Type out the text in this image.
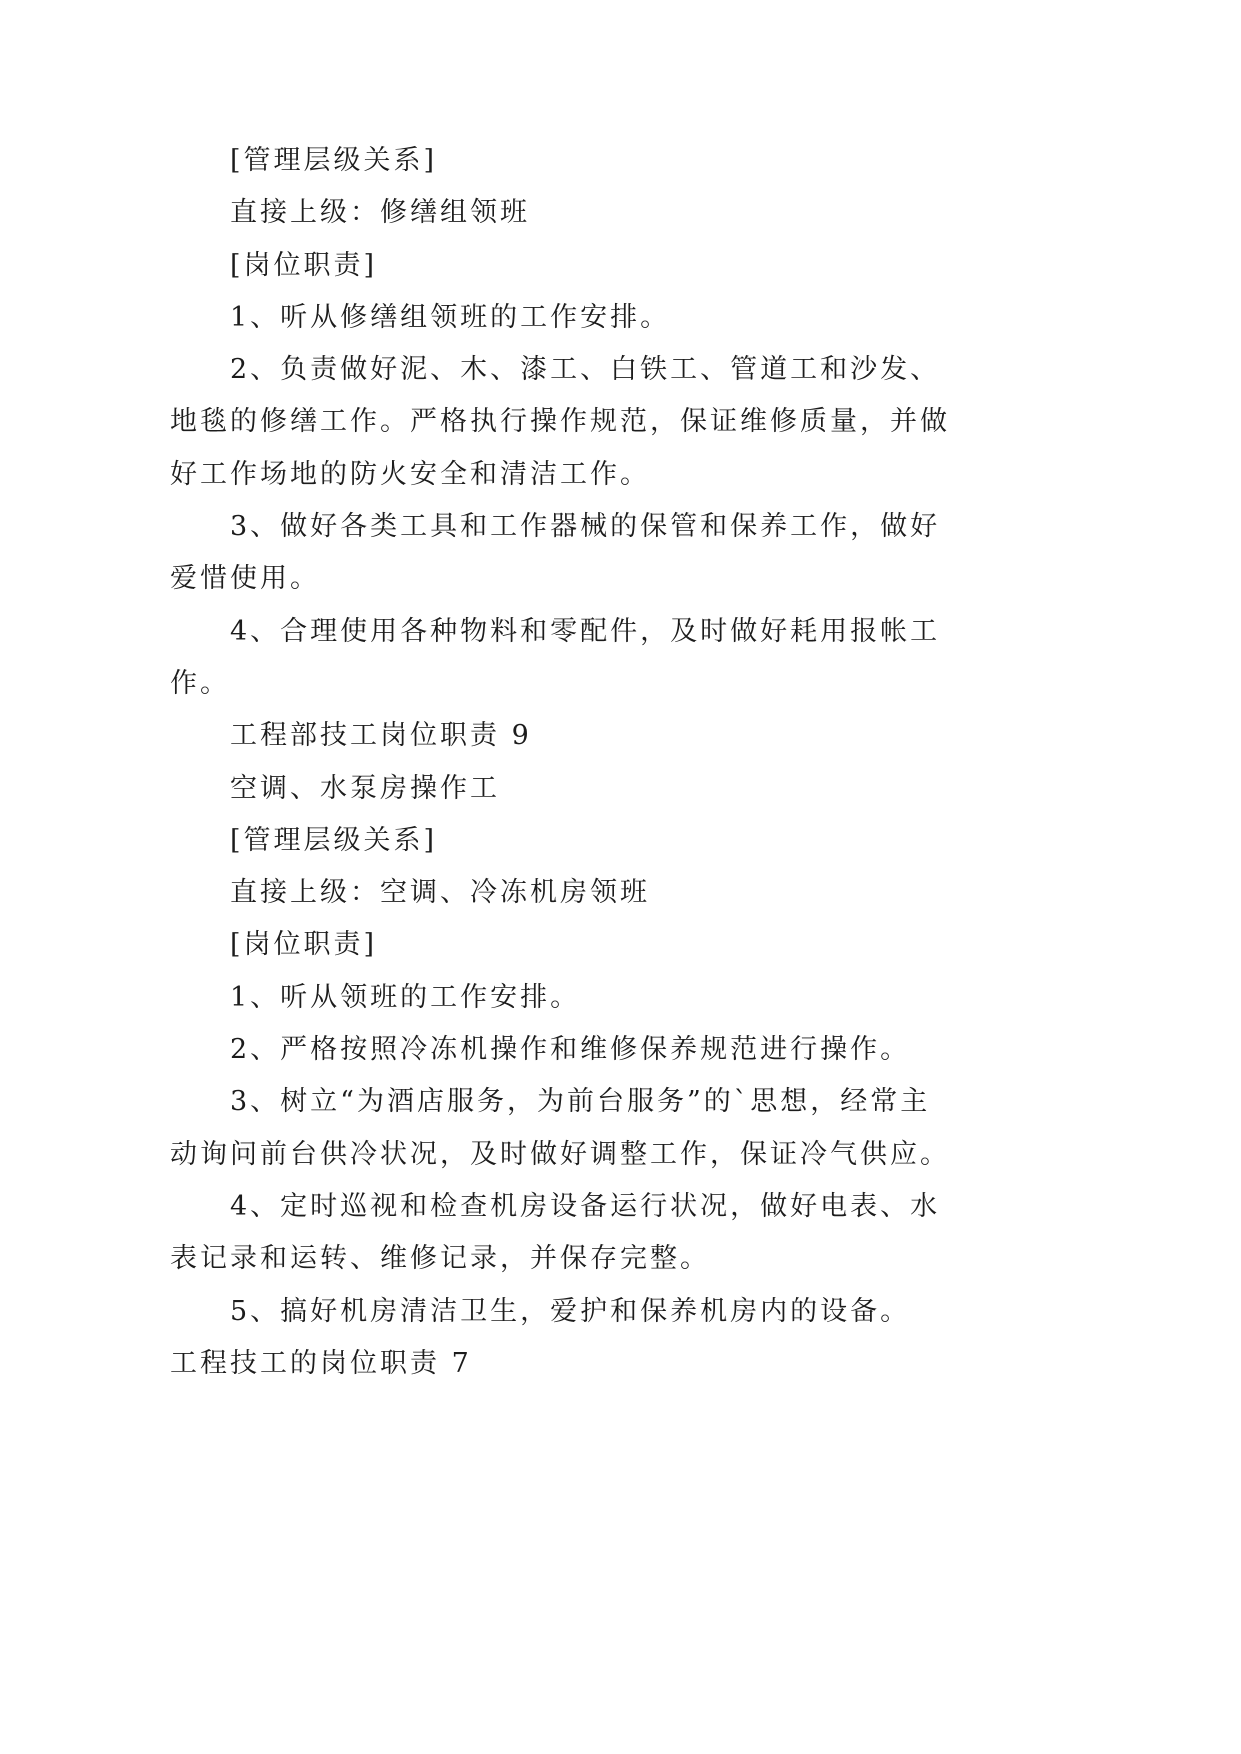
[管理层级关系]
直接上级：修缮组领班
[岗位职责]
1、听从修缮组领班的工作安排。
2、负责做好泥、木、漆工、白铁工、管道工和沙发、
地毯的修缮工作。严格执行操作规范，保证维修质量，并做
好工作场地的防火安全和清洁工作。
3、做好各类工具和工作器械的保管和保养工作，做好
爱惜使用。
4、合理使用各种物料和零配件，及时做好耗用报帐工
作。
工程部技工岗位职责 9
空调、水泵房操作工
[管理层级关系]
直接上级：空调、冷冻机房领班
[岗位职责]
1、听从领班的工作安排。
2、严格按照冷冻机操作和维修保养规范进行操作。
3、树立“为酒店服务，为前台服务”的`思想，经常主
动询问前台供冷状况，及时做好调整工作，保证冷气供应。
4、定时巡视和检查机房设备运行状况，做好电表、水
表记录和运转、维修记录，并保存完整。
5、搞好机房清洁卫生，爱护和保养机房内的设备。
工程技工的岗位职责 7
